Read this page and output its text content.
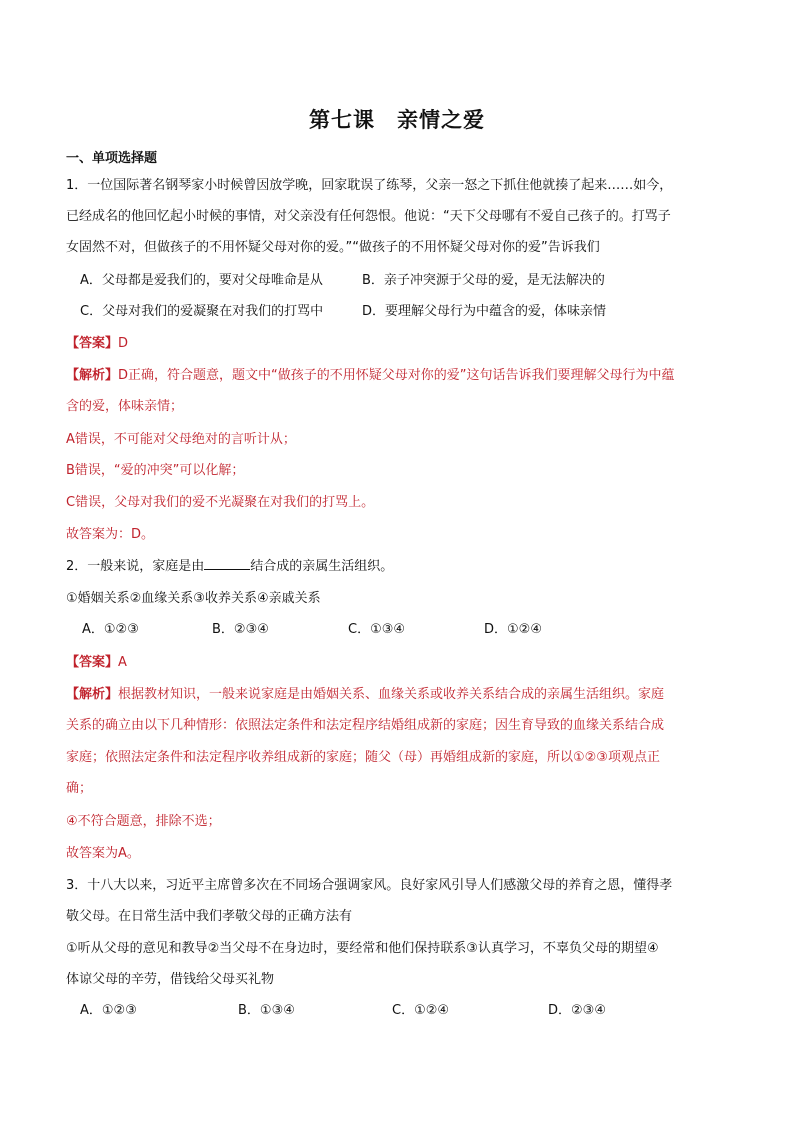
第七课　亲情之爱
一、单项选择题
1．一位国际著名钢琴家小时候曾因放学晚，回家耽误了练琴，父亲一怒之下抓住他就揍了起来……如今，
已经成名的他回忆起小时候的事情，对父亲没有任何怨恨。他说：“天下父母哪有不爱自己孩子的。打骂子
女固然不对，但做孩子的不用怀疑父母对你的爱。”“做孩子的不用怀疑父母对你的爱”告诉我们
A．父母都是爱我们的，要对父母唯命是从	B．亲子冲突源于父母的爱，是无法解决的
C．父母对我们的爱凝聚在对我们的打骂中	D．要理解父母行为中蕴含的爱，体味亲情
【答案】D
【解析】D正确，符合题意，题文中“做孩子的不用怀疑父母对你的爱”这句话告诉我们要理解父母行为中蕴
含的爱，体味亲情；
A错误，不可能对父母绝对的言听计从；
B错误，“爱的冲突”可以化解；
C错误，父母对我们的爱不光凝聚在对我们的打骂上。
故答案为：D。
2．一般来说，家庭是由	结合成的亲属生活组织。
①婚姻关系②血缘关系③收养关系④亲戚关系
A．①②③	B．②③④	C．①③④	D．①②④
【答案】A
【解析】根据教材知识，一般来说家庭是由婚姻关系、血缘关系或收养关系结合成的亲属生活组织。家庭
关系的确立由以下几种情形：依照法定条件和法定程序结婚组成新的家庭；因生育导致的血缘关系结合成
家庭；依照法定条件和法定程序收养组成新的家庭；随父（母）再婚组成新的家庭，所以①②③项观点正
确；
④不符合题意，排除不选；
故答案为A。
3．十八大以来，习近平主席曾多次在不同场合强调家风。良好家风引导人们感激父母的养育之恩，懂得孝
敬父母。在日常生活中我们孝敬父母的正确方法有
①听从父母的意见和教导②当父母不在身边时，要经常和他们保持联系③认真学习，不辜负父母的期望④
体谅父母的辛劳，借钱给父母买礼物
A．①②③	B．①③④	C．①②④	D．②③④
